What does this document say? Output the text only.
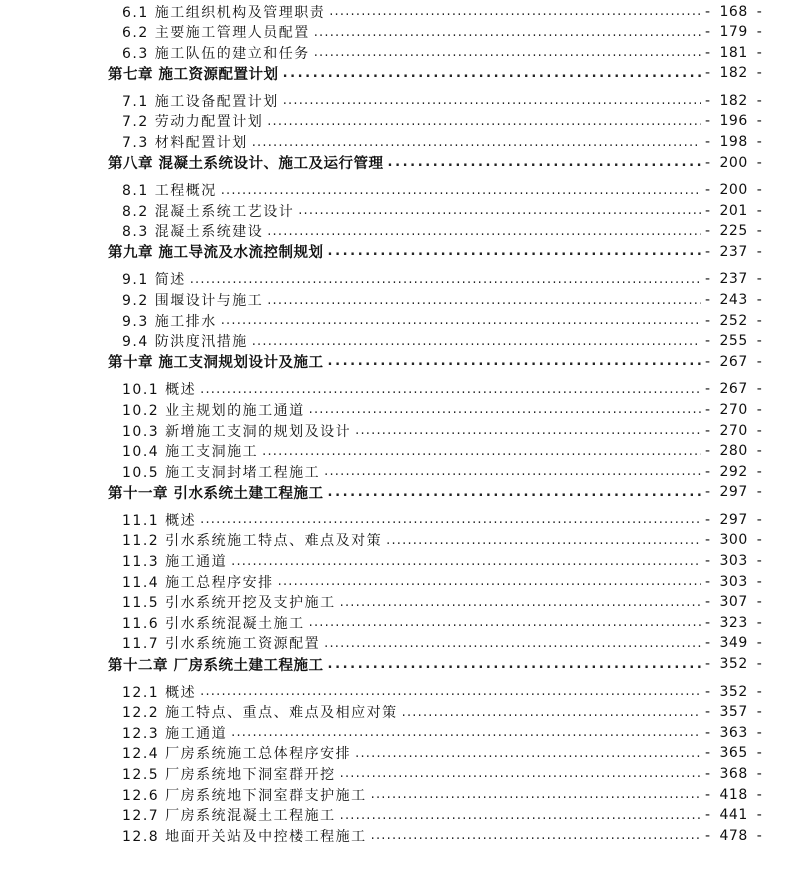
6.1 施工组织机构及管理职责 .....	- 168 -
6.2 主要施工管理人员配置 .....	- 179 -
6.3 施工队伍的建立和任务 .....	- 181 -
第七章 施工资源配置计划 .....	- 182 -
7.1 施工设备配置计划 .....	- 182 -
7.2 劳动力配置计划 .....	- 196 -
7.3 材料配置计划 .....	- 198 -
第八章 混凝土系统设计、施工及运行管理 .....	- 200 -
8.1 工程概况 .....	- 200 -
8.2 混凝土系统工艺设计 .....	- 201 -
8.3 混凝土系统建设 .....	- 225 -
第九章 施工导流及水流控制规划 .....	- 237 -
9.1 简述 .....	- 237 -
9.2 围堰设计与施工 .....	- 243 -
9.3 施工排水 .....	- 252 -
9.4 防洪度汛措施 .....	- 255 -
第十章 施工支洞规划设计及施工 .....	- 267 -
10.1 概述 .....	- 267 -
10.2 业主规划的施工通道 .....	- 270 -
10.3 新增施工支洞的规划及设计 .....	- 270 -
10.4 施工支洞施工 .....	- 280 -
10.5 施工支洞封堵工程施工 .....	- 292 -
第十一章 引水系统土建工程施工 .....	- 297 -
11.1 概述 .....	- 297 -
11.2 引水系统施工特点、难点及对策 .....	- 300 -
11.3 施工通道 .....	- 303 -
11.4 施工总程序安排 .....	- 303 -
11.5 引水系统开挖及支护施工 .....	- 307 -
11.6 引水系统混凝土施工 .....	- 323 -
11.7 引水系统施工资源配置 .....	- 349 -
第十二章 厂房系统土建工程施工 .....	- 352 -
12.1 概述 .....	- 352 -
12.2 施工特点、重点、难点及相应对策 .....	- 357 -
12.3 施工通道 .....	- 363 -
12.4 厂房系统施工总体程序安排 .....	- 365 -
12.5 厂房系统地下洞室群开挖 .....	- 368 -
12.6 厂房系统地下洞室群支护施工 .....	- 418 -
12.7 厂房系统混凝土工程施工 .....	- 441 -
12.8 地面开关站及中控楼工程施工 .....	- 478 -
